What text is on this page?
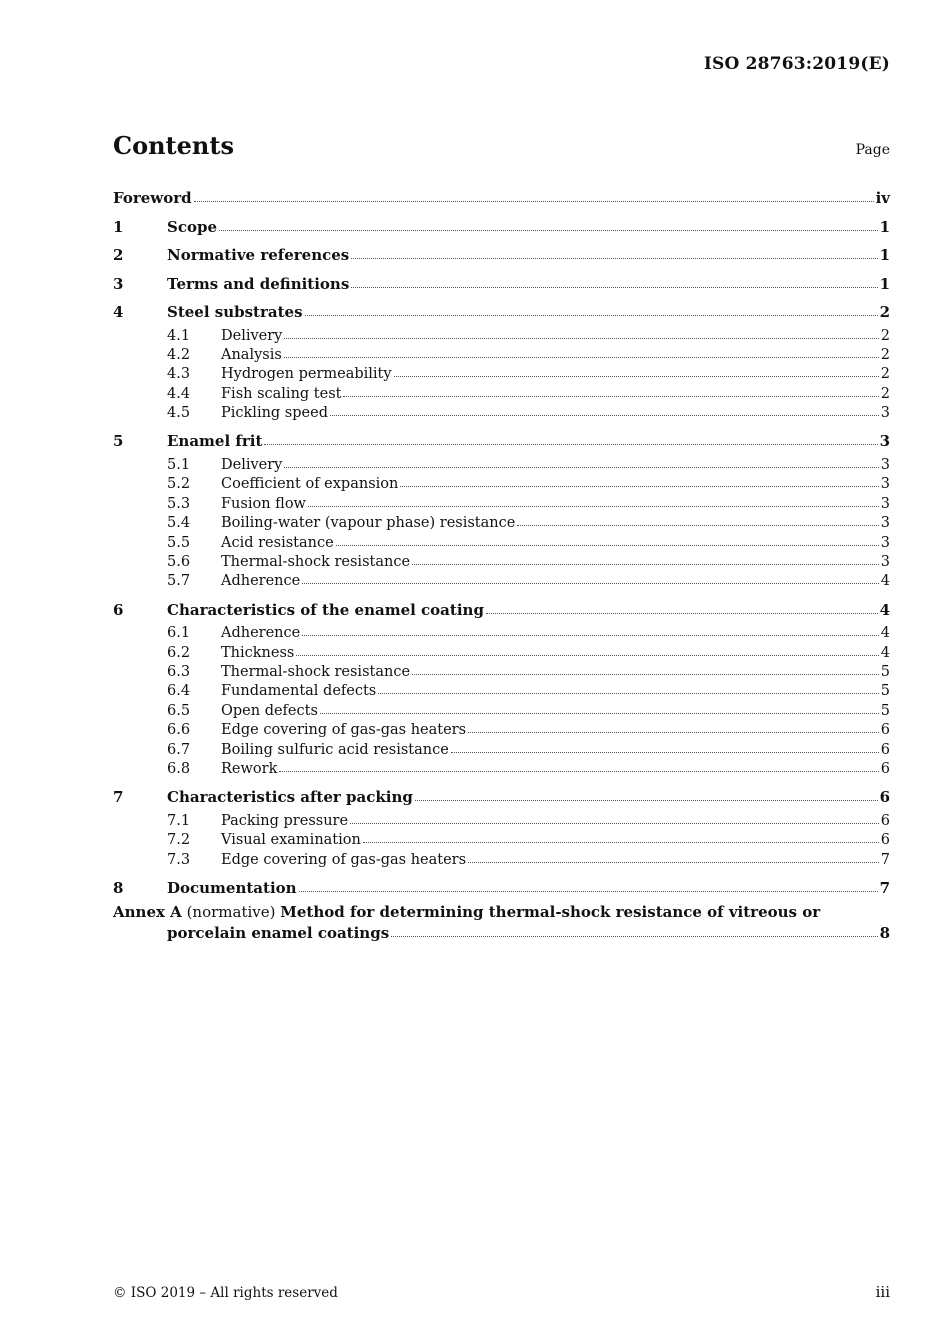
ISO 28763:2019(E)
Contents	Page
Foreword	iv
1	Scope	1
2	Normative references	1
3	Terms and definitions	1
4	Steel substrates	2
4.1	Delivery	2
4.2	Analysis	2
4.3	Hydrogen permeability	2
4.4	Fish scaling test	2
4.5	Pickling speed	3
5	Enamel frit	3
5.1	Delivery	3
5.2	Coefficient of expansion	3
5.3	Fusion flow	3
5.4	Boiling-water (vapour phase) resistance	3
5.5	Acid resistance	3
5.6	Thermal-shock resistance	3
5.7	Adherence	4
6	Characteristics of the enamel coating	4
6.1	Adherence	4
6.2	Thickness	4
6.3	Thermal-shock resistance	5
6.4	Fundamental defects	5
6.5	Open defects	5
6.6	Edge covering of gas-gas heaters	6
6.7	Boiling sulfuric acid resistance	6
6.8	Rework	6
7	Characteristics after packing	6
7.1	Packing pressure	6
7.2	Visual examination	6
7.3	Edge covering of gas-gas heaters	7
8	Documentation	7
Annex A (normative) Method for determining thermal-shock resistance of vitreous or
porcelain enamel coatings	8
© ISO 2019 – All rights reserved	iii
